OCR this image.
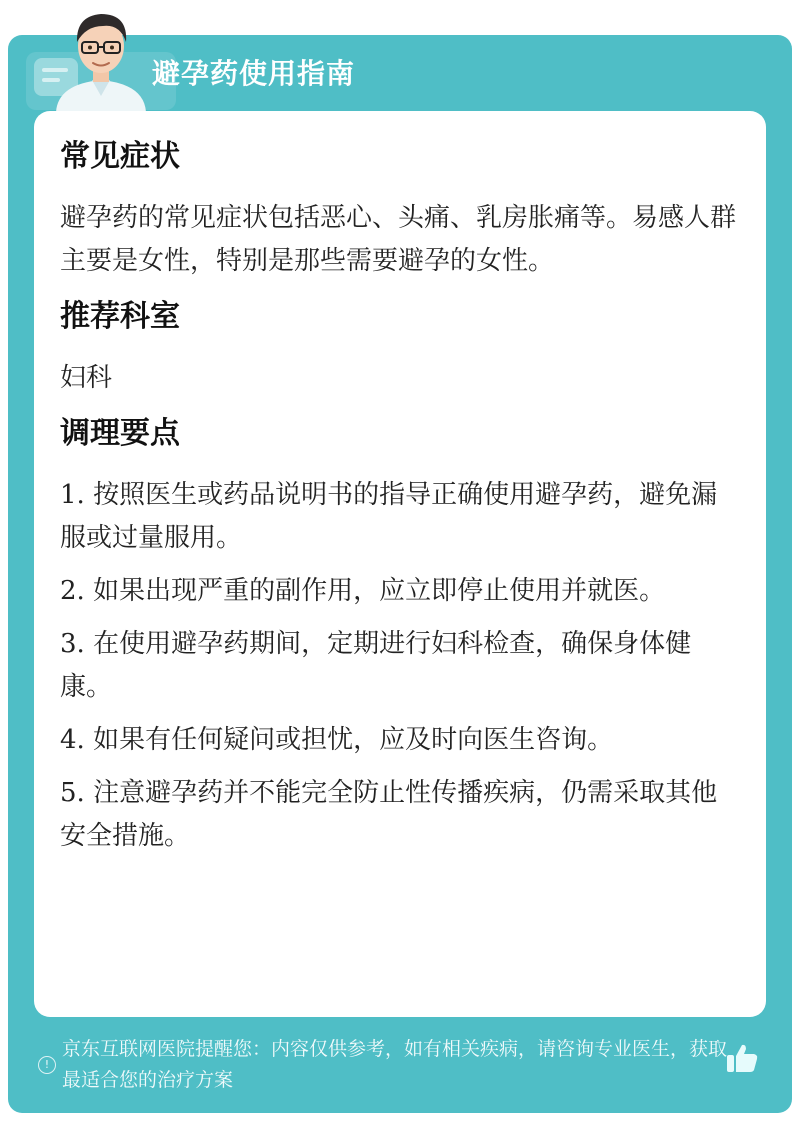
避孕药使用指南
常见症状

避孕药的常见症状包括恶心、头痛、乳房胀痛等。易感人群主要是女性，特别是那些需要避孕的女性。

推荐科室

妇科

调理要点

1. 按照医生或药品说明书的指导正确使用避孕药，避免漏服或过量服用。

2. 如果出现严重的副作用，应立即停止使用并就医。

3. 在使用避孕药期间，定期进行妇科检查，确保身体健康。

4. 如果有任何疑问或担忧，应及时向医生咨询。

5. 注意避孕药并不能完全防止性传播疾病，仍需采取其他安全措施。

!
京东互联网医院提醒您：内容仅供参考，如有相关疾病，请咨询专业医生，获取最适合您的治疗方案
